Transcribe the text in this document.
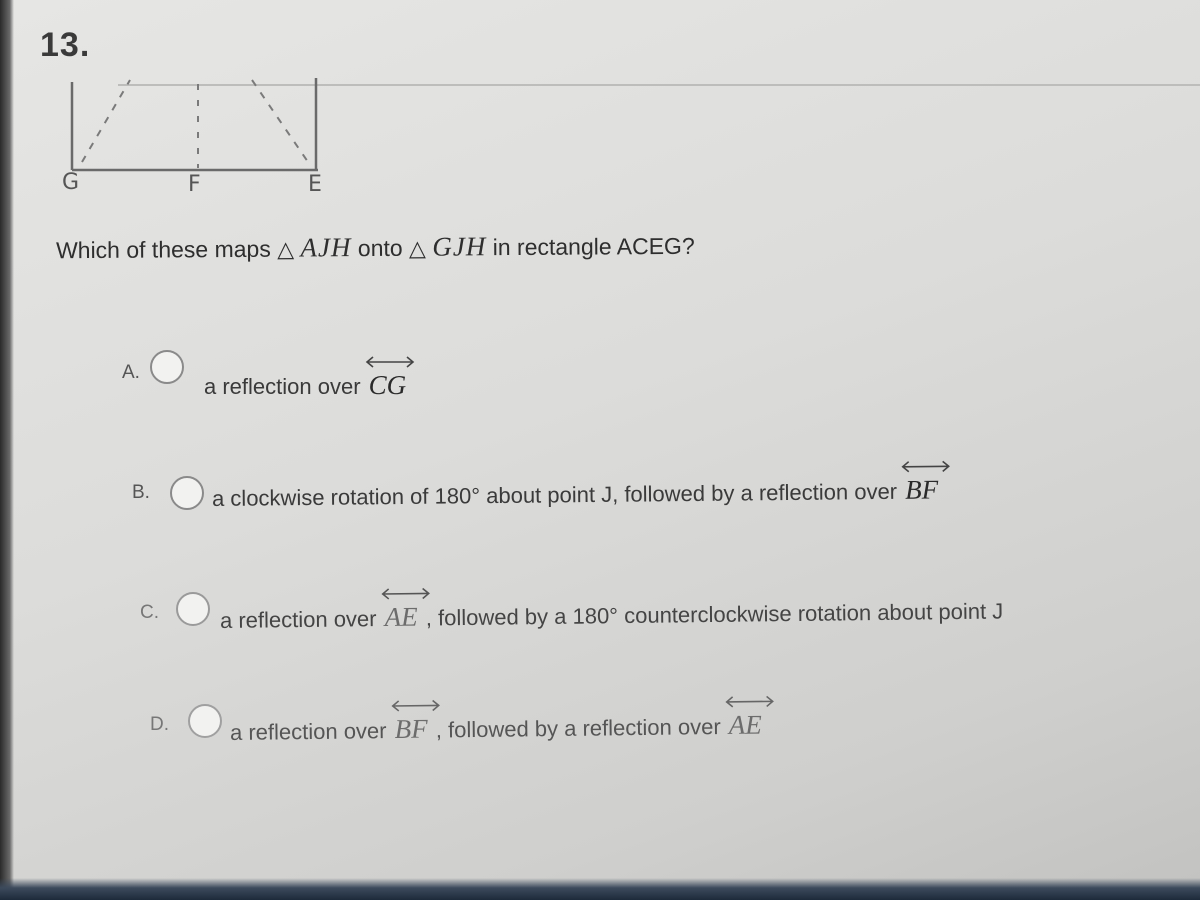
13.
G	F	E
Which of these maps △ AJH onto △ GJH in rectangle ACEG?
A.
a reflection over CG
B.	a clockwise rotation of 180° about point J, followed by a reflection over BF
C.	a reflection over AE , followed by a 180° counterclockwise rotation about point J
D.	a reflection over BF , followed by a reflection over AE
